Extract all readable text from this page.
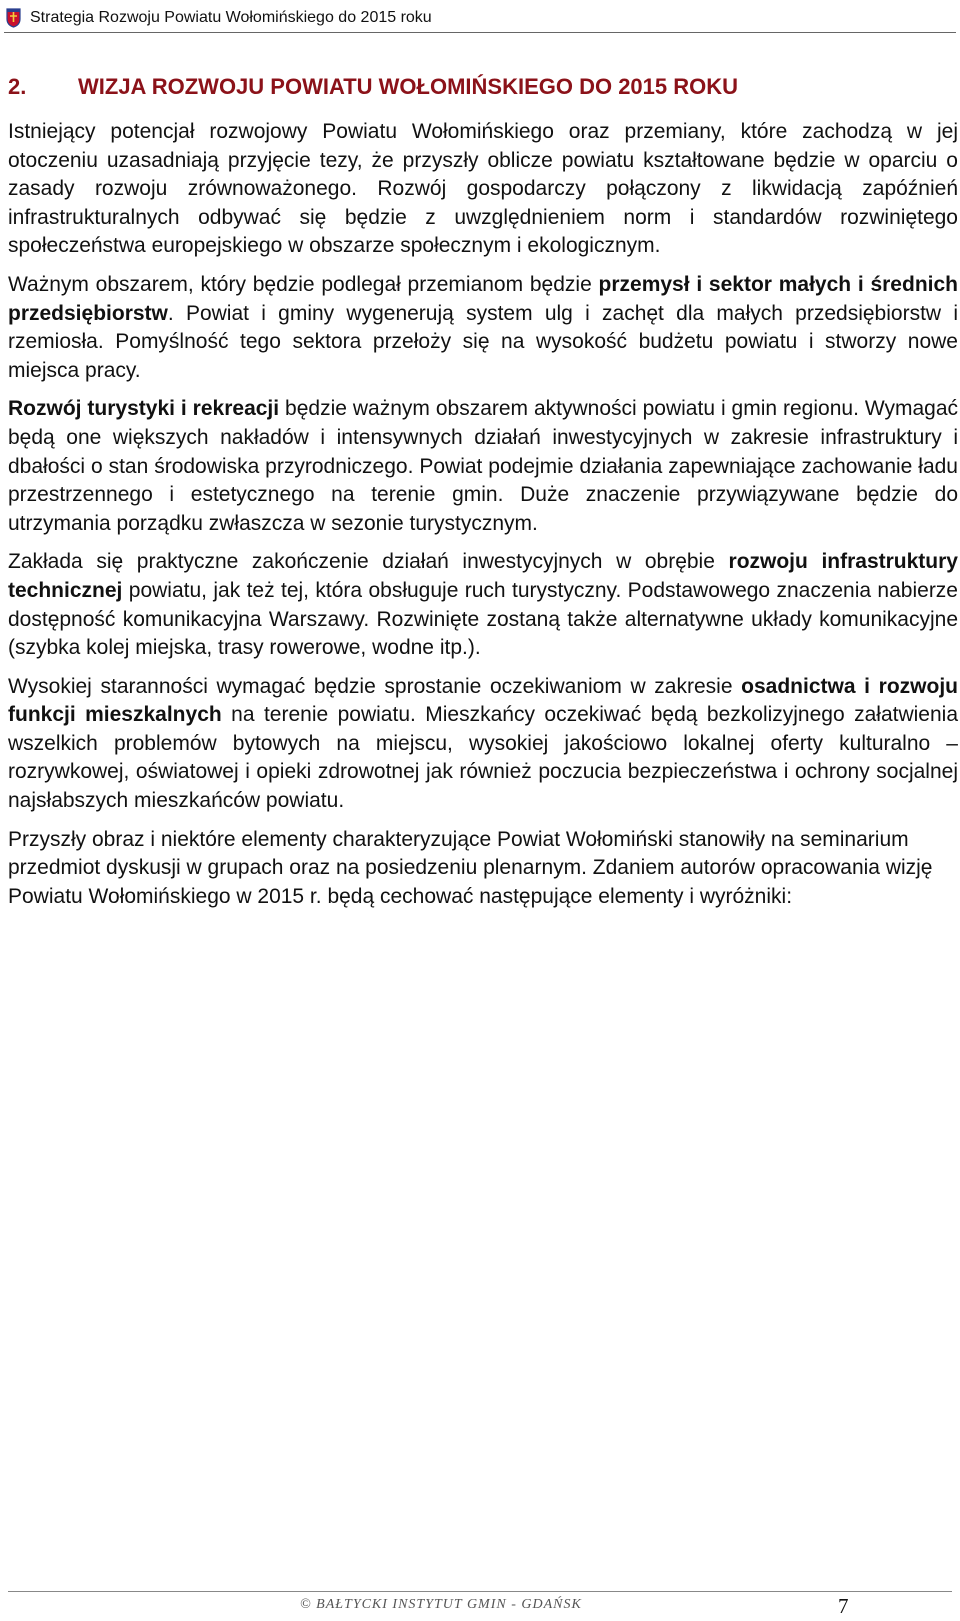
Strategia Rozwoju Powiatu Wołomińskiego do 2015 roku
2. WIZJA ROZWOJU POWIATU WOŁOMIŃSKIEGO DO 2015 ROKU

Istniejący potencjał rozwojowy Powiatu Wołomińskiego oraz przemiany, które zachodzą w jej otoczeniu uzasadniają przyjęcie tezy, że przyszły oblicze powiatu kształtowane będzie w oparciu o zasady rozwoju zrównoważonego. Rozwój gospodarczy połączony z likwidacją zapóźnień infrastrukturalnych odbywać się będzie z uwzględnieniem norm i standardów rozwiniętego społeczeństwa europejskiego w obszarze społecznym i ekologicznym.

Ważnym obszarem, który będzie podlegał przemianom będzie przemysł i sektor małych i średnich przedsiębiorstw. Powiat i gminy wygenerują system ulg i zachęt dla małych przedsiębiorstw i rzemiosła. Pomyślność tego sektora przełoży się na wysokość budżetu powiatu i stworzy nowe miejsca pracy.

Rozwój turystyki i rekreacji będzie ważnym obszarem aktywności powiatu i gmin regionu. Wymagać będą one większych nakładów i intensywnych działań inwestycyjnych w zakresie infrastruktury i dbałości o stan środowiska przyrodniczego. Powiat podejmie działania zapewniające zachowanie ładu przestrzennego i estetycznego na terenie gmin. Duże znaczenie przywiązywane będzie do utrzymania porządku zwłaszcza w sezonie turystycznym.

Zakłada się praktyczne zakończenie działań inwestycyjnych w obrębie rozwoju infrastruktury technicznej powiatu, jak też tej, która obsługuje ruch turystyczny. Podstawowego znaczenia nabierze dostępność komunikacyjna Warszawy. Rozwinięte zostaną także alternatywne układy komunikacyjne (szybka kolej miejska, trasy rowerowe, wodne itp.).

Wysokiej staranności wymagać będzie sprostanie oczekiwaniom w zakresie osadnictwa i rozwoju funkcji mieszkalnych na terenie powiatu. Mieszkańcy oczekiwać będą bezkolizyjnego załatwienia wszelkich problemów bytowych na miejscu, wysokiej jakościowo lokalnej oferty kulturalno – rozrywkowej, oświatowej i opieki zdrowotnej jak również poczucia bezpieczeństwa i ochrony socjalnej najsłabszych mieszkańców powiatu.

Przyszły obraz i niektóre elementy charakteryzujące Powiat Wołomiński stanowiły na seminarium przedmiot dyskusji w grupach oraz na posiedzeniu plenarnym. Zdaniem autorów opracowania wizję Powiatu Wołomińskiego w 2015 r. będą cechować następujące elementy i wyróżniki:

© BAŁTYCKI INSTYTUT GMIN - GDAŃSK	7
